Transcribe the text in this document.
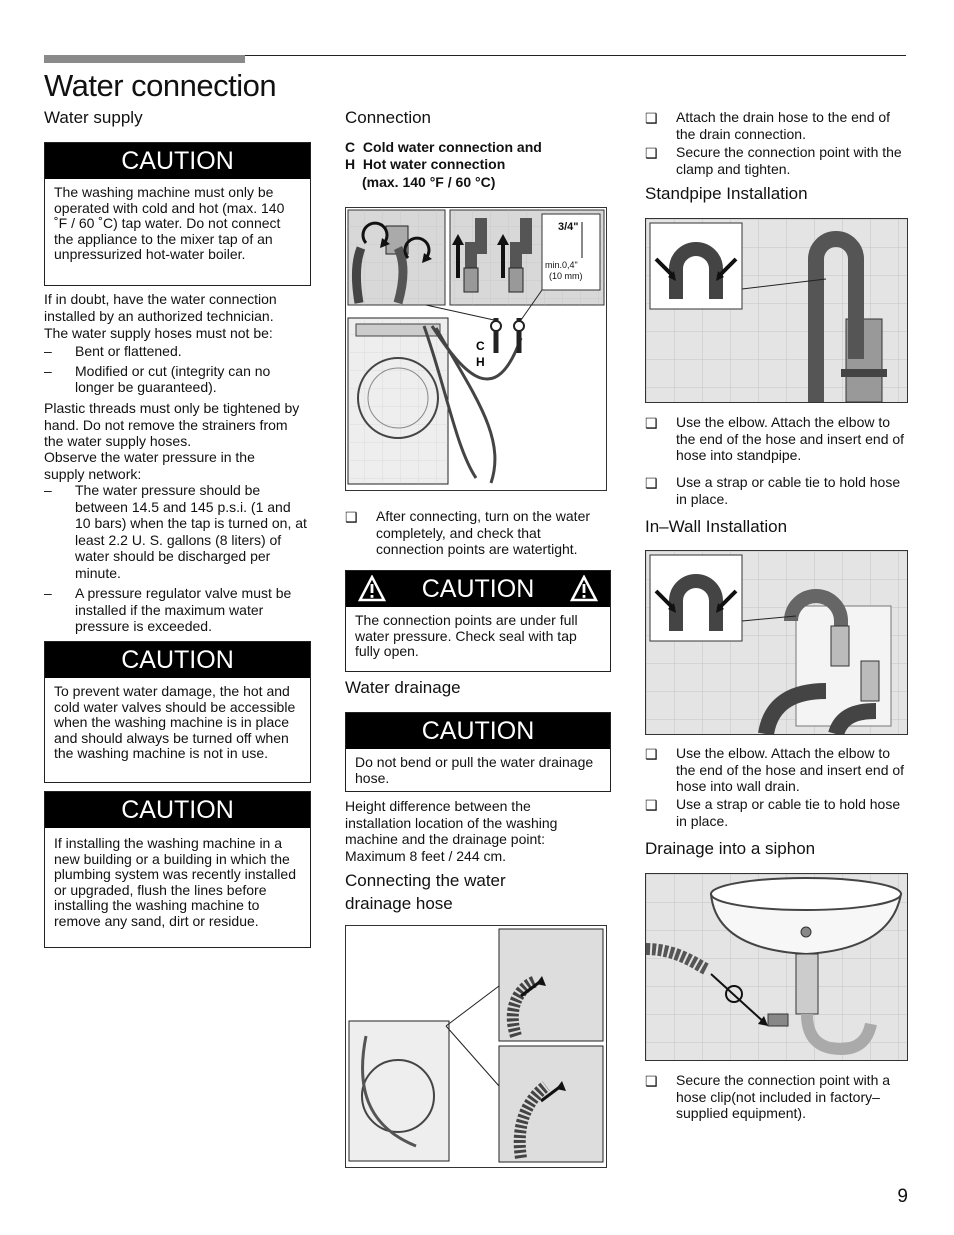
Water connection
Water supply
CAUTION
The washing machine must only be operated with cold and hot (max. 140 ˚F / 60 ˚C) tap water. Do not connect the appliance to the mixer tap of an unpressurized hot-water boiler.
If in doubt, have the water connection installed by an authorized technician.
The water supply hoses must not be:
– Bent or flattened.
– Modified or cut (integrity can no longer be guaranteed).
Plastic threads must only be tightened by hand. Do not remove the strainers from the water supply hoses.
Observe the water pressure in the supply network:
– The water pressure should be between 14.5 and 145 p.s.i. (1 and 10 bars) when the tap is turned on, at least 2.2 U. S. gallons (8 liters) of water should be discharged per minute.
– A pressure regulator valve must be installed if the maximum water pressure is exceeded.
CAUTION
To prevent water damage, the hot and cold water valves should be accessible when the washing machine is in place and should always be turned off when the washing machine is not in use.
CAUTION
If installing the washing machine in a new building or a building in which the plumbing system was recently installed or upgraded, flush the lines before installing the washing machine to remove any sand, dirt or residue.
Connection
C Cold water connection and
H Hot water connection
(max. 140 °F / 60 °C)
3/4"
min.0,4"
(10 mm)
C
H
❑	After connecting, turn on the water completely, and check that connection points are watertight.
CAUTION
The connection points are under full water pressure. Check seal with tap fully open.
Water drainage
CAUTION
Do not bend or pull the water drainage hose.
Height difference between the installation location of the washing machine and the drainage point: Maximum 8 feet / 244 cm.
Connecting the water drainage hose
❑	Attach the drain hose to the end of the drain connection.
❑	Secure the connection point with the clamp and tighten.
Standpipe Installation
❑	Use the elbow. Attach the elbow to the end of the hose and insert end of hose into standpipe.
❑	Use a strap or cable tie to hold hose in place.
In–Wall Installation
❑	Use the elbow. Attach the elbow to the end of the hose and insert end of hose into wall drain.
❑	Use a strap or cable tie to hold hose in place.
Drainage into a siphon
❑	Secure the connection point with a hose clip(not included in factory–supplied equipment).
9
